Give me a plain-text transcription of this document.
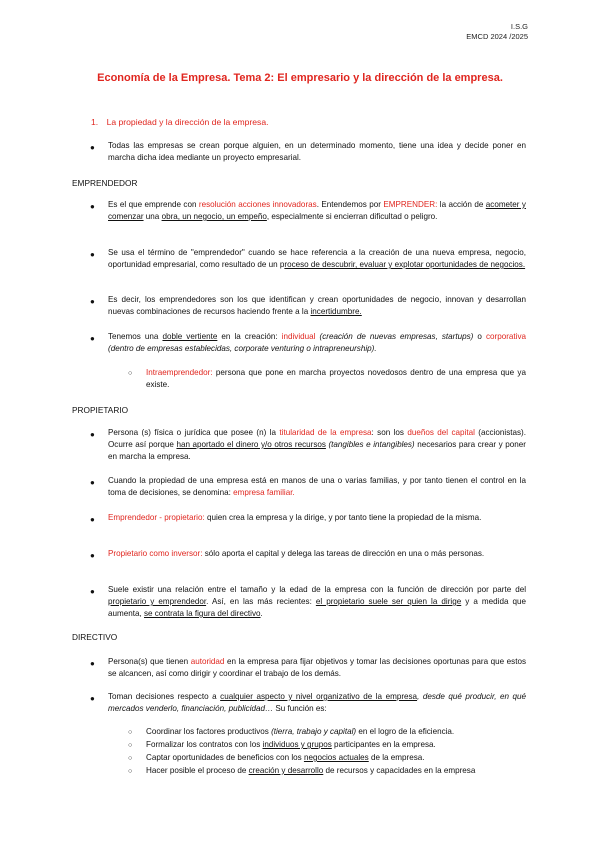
I.S.G
EMCD 2024 /2025
Economía de la Empresa. Tema 2: El empresario y la dirección de la empresa.
1. La propiedad y la dirección de la empresa.
● Todas las empresas se crean porque alguien, en un determinado momento, tiene una idea y decide poner en marcha dicha idea mediante un proyecto empresarial.
EMPRENDEDOR
● Es el que emprende con resolución acciones innovadoras. Entendemos por EMPRENDER: la acción de acometer y comenzar una obra, un negocio, un empeño, especialmente si encierran dificultad o peligro.
● Se usa el término de "emprendedor" cuando se hace referencia a la creación de una nueva empresa, negocio, oportunidad empresarial, como resultado de un proceso de descubrir, evaluar y explotar oportunidades de negocios.
● Es decir, los emprendedores son los que identifican y crean oportunidades de negocio, innovan y desarrollan nuevas combinaciones de recursos haciendo frente a la incertidumbre.
● Tenemos una doble vertiente en la creación: individual (creación de nuevas empresas, startups) o corporativa (dentro de empresas establecidas, corporate venturing o intrapreneurship).
○ Intraemprendedor: persona que pone en marcha proyectos novedosos dentro de una empresa que ya existe.
PROPIETARIO
● Persona (s) física o jurídica que posee (n) la titularidad de la empresa: son los dueños del capital (accionistas). Ocurre así porque han aportado el dinero y/o otros recursos (tangibles e intangibles) necesarios para crear y poner en marcha la empresa.
● Cuando la propiedad de una empresa está en manos de una o varias familias, y por tanto tienen el control en la toma de decisiones, se denomina: empresa familiar.
● Emprendedor - propietario: quien crea la empresa y la dirige, y por tanto tiene la propiedad de la misma.
● Propietario como inversor: sólo aporta el capital y delega las tareas de dirección en una o más personas.
● Suele existir una relación entre el tamaño y la edad de la empresa con la función de dirección por parte del propietario y emprendedor. Así, en las más recientes: el propietario suele ser quien la dirige y a medida que aumenta, se contrata la figura del directivo.
DIRECTIVO
● Persona(s) que tienen autoridad en la empresa para fijar objetivos y tomar las decisiones oportunas para que estos se alcancen, así como dirigir y coordinar el trabajo de los demás.
● Toman decisiones respecto a cualquier aspecto y nivel organizativo de la empresa, desde qué producir, en qué mercados venderlo, financiación, publicidad… Su función es:
○ Coordinar los factores productivos (tierra, trabajo y capital) en el logro de la eficiencia.
○ Formalizar los contratos con los individuos y grupos participantes en la empresa.
○ Captar oportunidades de beneficios con los negocios actuales de la empresa.
○ Hacer posible el proceso de creación y desarrollo de recursos y capacidades en la empresa
